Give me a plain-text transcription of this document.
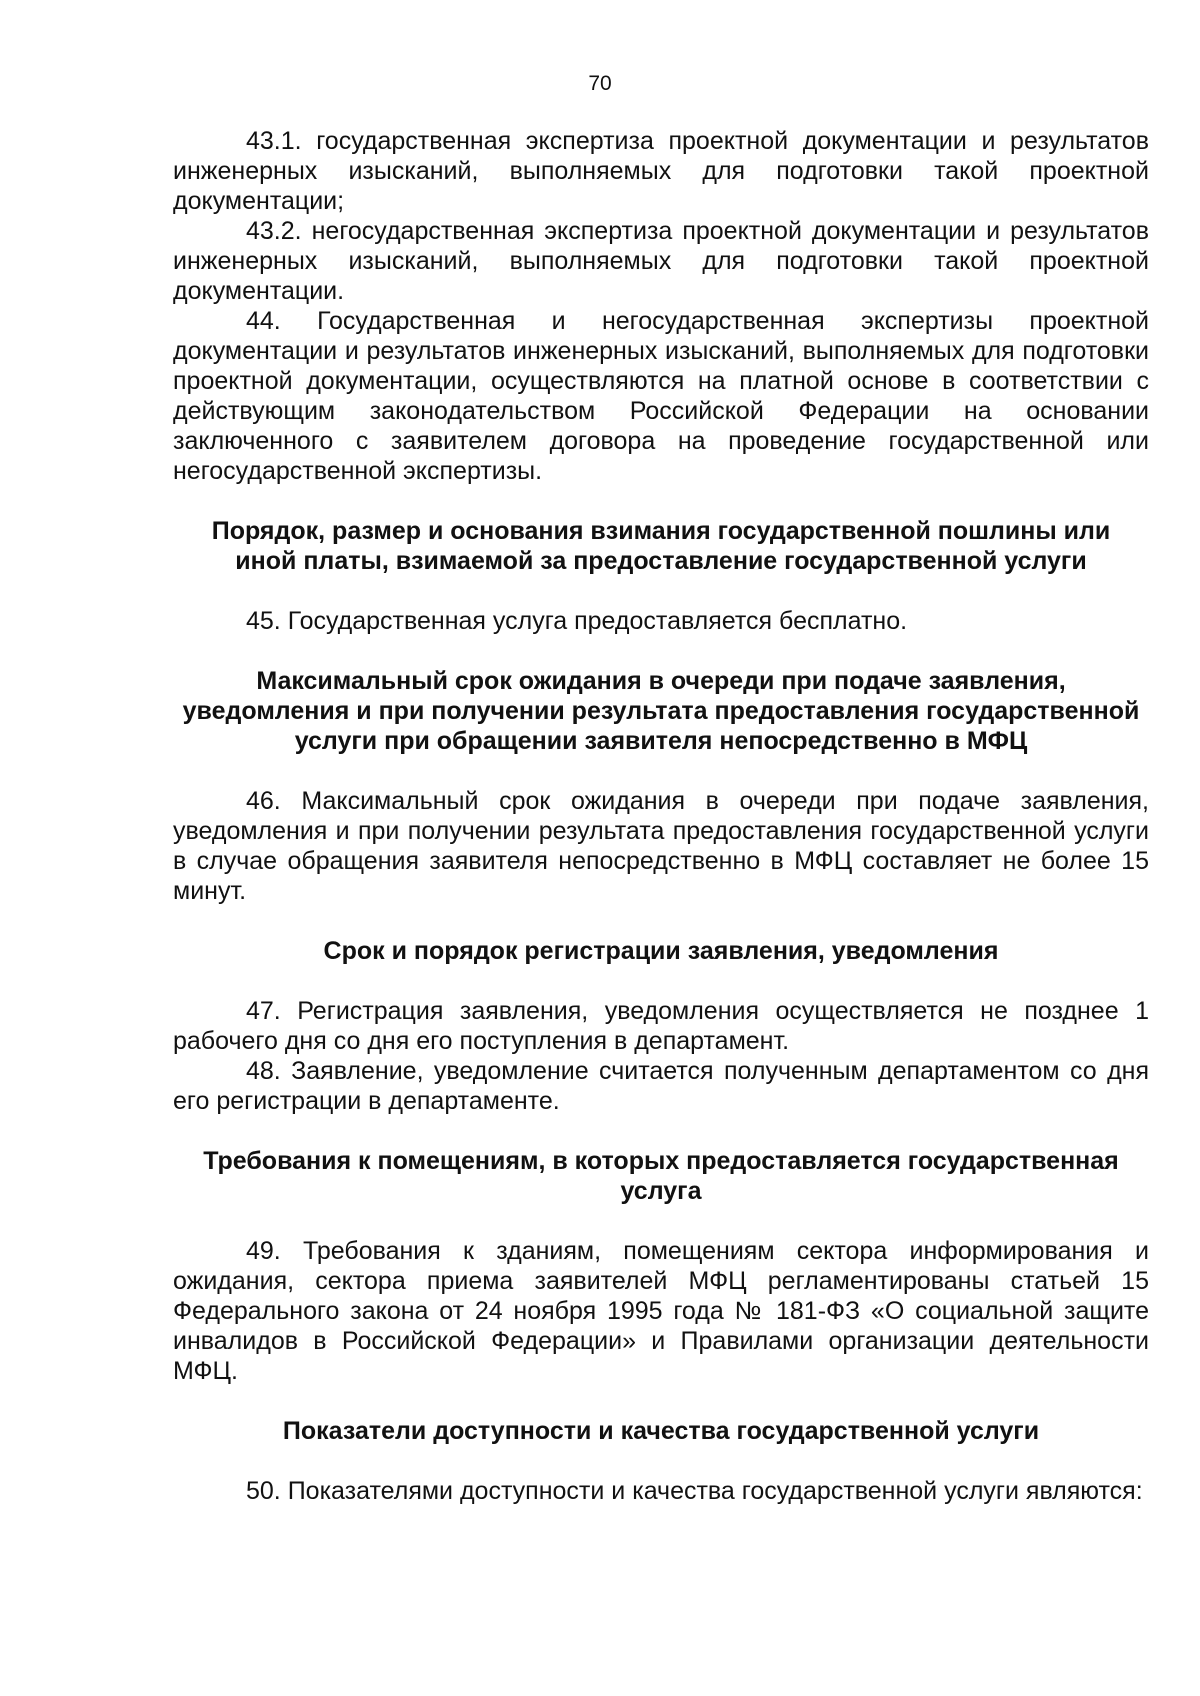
70

43.1. государственная экспертиза проектной документации и результатов инженерных изысканий, выполняемых для подготовки такой проектной документации;

43.2. негосударственная экспертиза проектной документации и результатов инженерных изысканий, выполняемых для подготовки такой проектной документации.

44. Государственная и негосударственная экспертизы проектной документации и результатов инженерных изысканий, выполняемых для подготовки проектной документации, осуществляются на платной основе в соответствии с действующим законодательством Российской Федерации на основании заключенного с заявителем договора на проведение государственной или негосударственной экспертизы.

Порядок, размер и основания взимания государственной пошлины или иной платы, взимаемой за предоставление государственной услуги

45. Государственная услуга предоставляется бесплатно.

Максимальный срок ожидания в очереди при подаче заявления, уведомления и при получении результата предоставления государственной услуги при обращении заявителя непосредственно в МФЦ

46. Максимальный срок ожидания в очереди при подаче заявления, уведомления и при получении результата предоставления государственной услуги в случае обращения заявителя непосредственно в МФЦ составляет не более 15 минут.

Срок и порядок регистрации заявления, уведомления

47. Регистрация заявления, уведомления осуществляется не позднее 1 рабочего дня со дня его поступления в департамент.

48. Заявление, уведомление считается полученным департаментом со дня его регистрации в департаменте.

Требования к помещениям, в которых предоставляется государственная услуга

49. Требования к зданиям, помещениям сектора информирования и ожидания, сектора приема заявителей МФЦ регламентированы статьей 15 Федерального закона от 24 ноября 1995 года № 181-ФЗ «О социальной защите инвалидов в Российской Федерации» и Правилами организации деятельности МФЦ.

Показатели доступности и качества государственной услуги

50. Показателями доступности и качества государственной услуги являются:
